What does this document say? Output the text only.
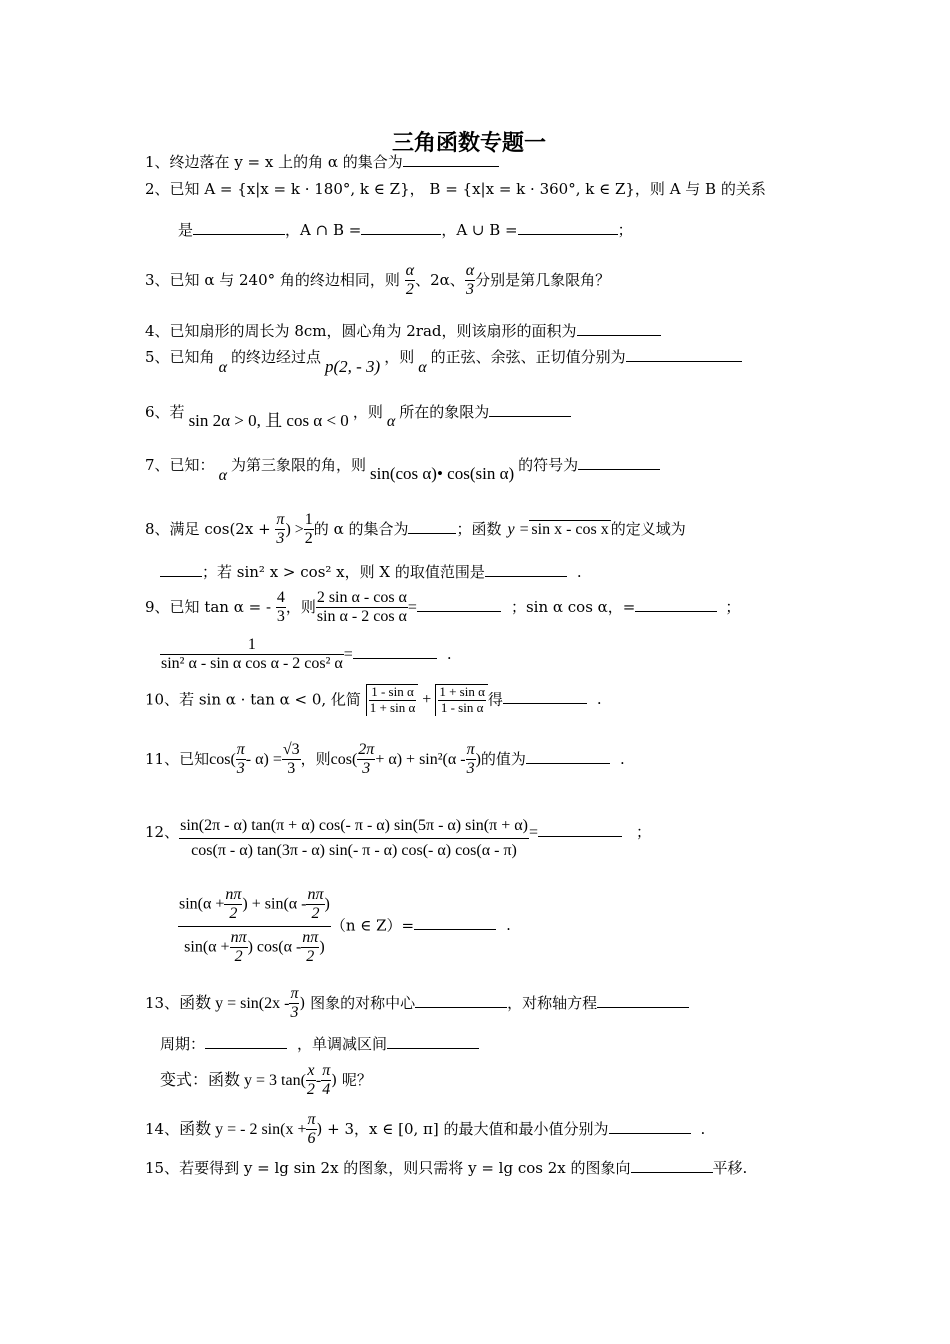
三角函数专题一
1、终边落在 y = x 上的角 α 的集合为
2、已知 A = {x|x = k · 180°, k ∈ Z}， B = {x|x = k · 360°, k ∈ Z}，则 A 与 B 的关系
是	，A ∩ B =	，A ∪ B =	；
3、已知 α 与 240° 角的终边相同，则 $\frac{\alpha}{2}$ 、2α、 $\frac{\alpha}{3}$ 分别是第几象限角？
4、已知扇形的周长为 8cm，圆心角为 2rad，则该扇形的面积为
5、已知角α的终边经过点 p(2, - 3) ，则α的正弦、余弦、正切值分别为
6、若 sin 2α > 0, 且 cos α < 0 ，则α所在的象限为
7、已知：α为第三象限的角，则 sin(cos α)• cos(sin α) 的符号为
8、满足 $\cos(2x + \frac{\pi}{3}$ ) > $\frac{1}{2}$ 的 α 的集合为	；函数 y = sin x - cos x 的定义域为
；若 sin² x > cos² x，则 X 的取值范围是	.
9、已知 tan α = - $\frac{4}{3}$ ，则 $\frac{\text{2 sin α - cos α}}{\text{sin α - 2 cos α}}$ =	；sin α cos α，=	；
$\frac{1}{\text{sin² α - sin α cos α - 2 cos² α}}$ =	.
10、若 sin α · tan α < 0, 化简 $\frac{\text{1 - sin α}}{\text{1 + sin α}} + \frac{\text{1 + sin α}}{\text{1 - sin α}}$ 得	.
11、已知$\cos( \frac{\pi}{3} - \alpha) = \frac{√3}{3}$ ，则$\cos( \frac{2\pi}{3} + \alpha) + \sin^2(\alpha - \frac{\pi}{3}$ )的值为	.
12、 $\frac{\sin(2\pi - \alpha) \tan(\pi + \alpha) \cos(- \pi - \alpha) \sin(5\pi - \alpha) \sin(\pi + \alpha)}{\cos(\pi - \alpha) \tan(3\pi - \alpha) \sin(- \pi - \alpha) \cos(- \alpha) \cos(\alpha - \pi)}$ =	；
$\frac{\sin(\alpha + \frac{n\pi}{2} ) + \sin(\alpha - \frac{n\pi}{2} )}{\sin(\alpha + \frac{n\pi}{2} ) \cos(\alpha - \frac{n\pi}{2} )} (n$ ∈ Z）=	.
13、函数 $y = \sin(2x - \frac{\pi}{3}$ ) 图象的对称中心	，对称轴方程
周期：	，单调减区间
变式：函数 y = 3 $\tan( \frac{x}{2} - \frac{\pi}{4}$ ) 呢？
14、函数 y = - 2 $\sin(x + \frac{\pi}{6}$ ) + 3，x ∈ [0, π] 的最大值和最小值分别为	.
15、若要得到 y = lg sin 2x 的图象，则只需将 y = lg cos 2x 的图象向	平移.
